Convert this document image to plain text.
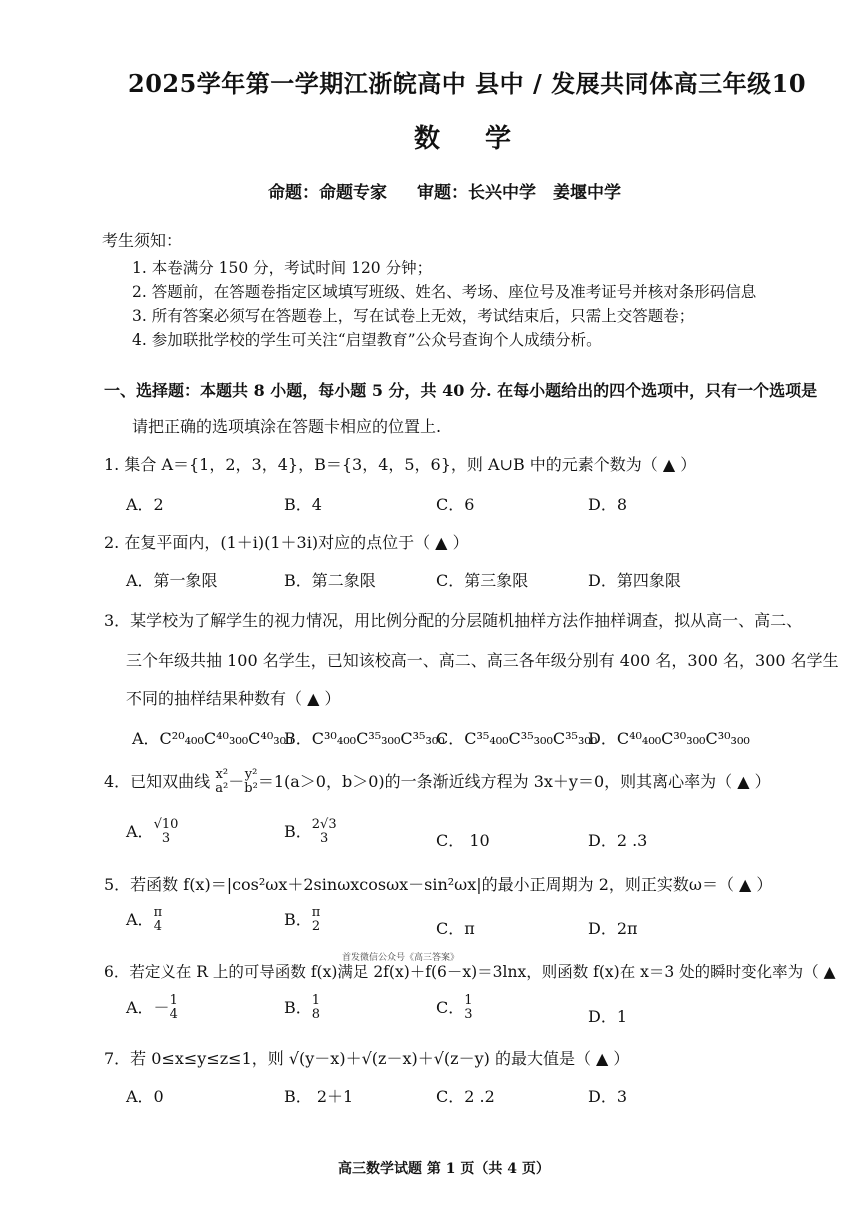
2025学年第一学期江浙皖高中 县中 / 发展共同体高三年级10
数 学
命题：命题专家 审题：长兴中学　姜堰中学
考生须知：
1. 本卷满分 150 分，考试时间 120 分钟；
2. 答题前，在答题卷指定区域填写班级、姓名、考场、座位号及准考证号并核对条形码信息
3. 所有答案必须写在答题卷上，写在试卷上无效，考试结束后，只需上交答题卷；
4. 参加联批学校的学生可关注“启望教育”公众号查询个人成绩分析。
一、选择题：本题共 8 小题，每小题 5 分，共 40 分. 在每小题给出的四个选项中，只有一个选项是
请把正确的选项填涂在答题卡相应的位置上.
1. 集合 A＝{1，2，3，4}，B＝{3，4，5，6}，则 A∪B 中的元素个数为（ ▲ ）
A．2	B．4	C．6	D．8
2. 在复平面内，(1＋i)(1＋3i)对应的点位于（ ▲ ）
A．第一象限	B．第二象限	C．第三象限	D．第四象限
3．某学校为了解学生的视力情况，用比例分配的分层随机抽样方法作抽样调查，拟从高一、高二、
三个年级共抽 100 名学生，已知该校高一、高二、高三各年级分别有 400 名，300 名，300 名学生
不同的抽样结果种数有（ ▲ ）
A．C²⁰₄₀₀C⁴⁰₃₀₀C⁴⁰₃₀₀
B．C³⁰₄₀₀C³⁵₃₀₀C³⁵₃₀₀
C．C³⁵₄₀₀C³⁵₃₀₀C³⁵₃₀₀
D．C⁴⁰₄₀₀C³⁰₃₀₀C³⁰₃₀₀
4．已知双曲线 x²
a² － y²
b² ＝1(a＞0，b＞0)的一条渐近线方程为 3x＋y＝0，则其离心率为（ ▲ ）
A． √10
3	B． 2√3
3	C． 10	D．2 .3
5．若函数 f(x)＝|cos²ωx＋2sinωxcosωx－sin²ωx|的最小正周期为 2，则正实数ω＝（ ▲ ）
A． π
4	B． π
2	C．π	D．2π
首发微信公众号《高三答案》
6．若定义在 R 上的可导函数 f(x)满足 2f(x)＋f(6－x)＝3lnx，则函数 f(x)在 x＝3 处的瞬时变化率为（ ▲
A．－ 1
4	B． 1
8	C． 1
3	D．1
7．若 0≤x≤y≤z≤1，则 √(y－x)＋√(z－x)＋√(z－y) 的最大值是（ ▲ ）
A．0	B． 2＋1	C．2 .2	D．3
高三数学试题 第 1 页（共 4 页）
